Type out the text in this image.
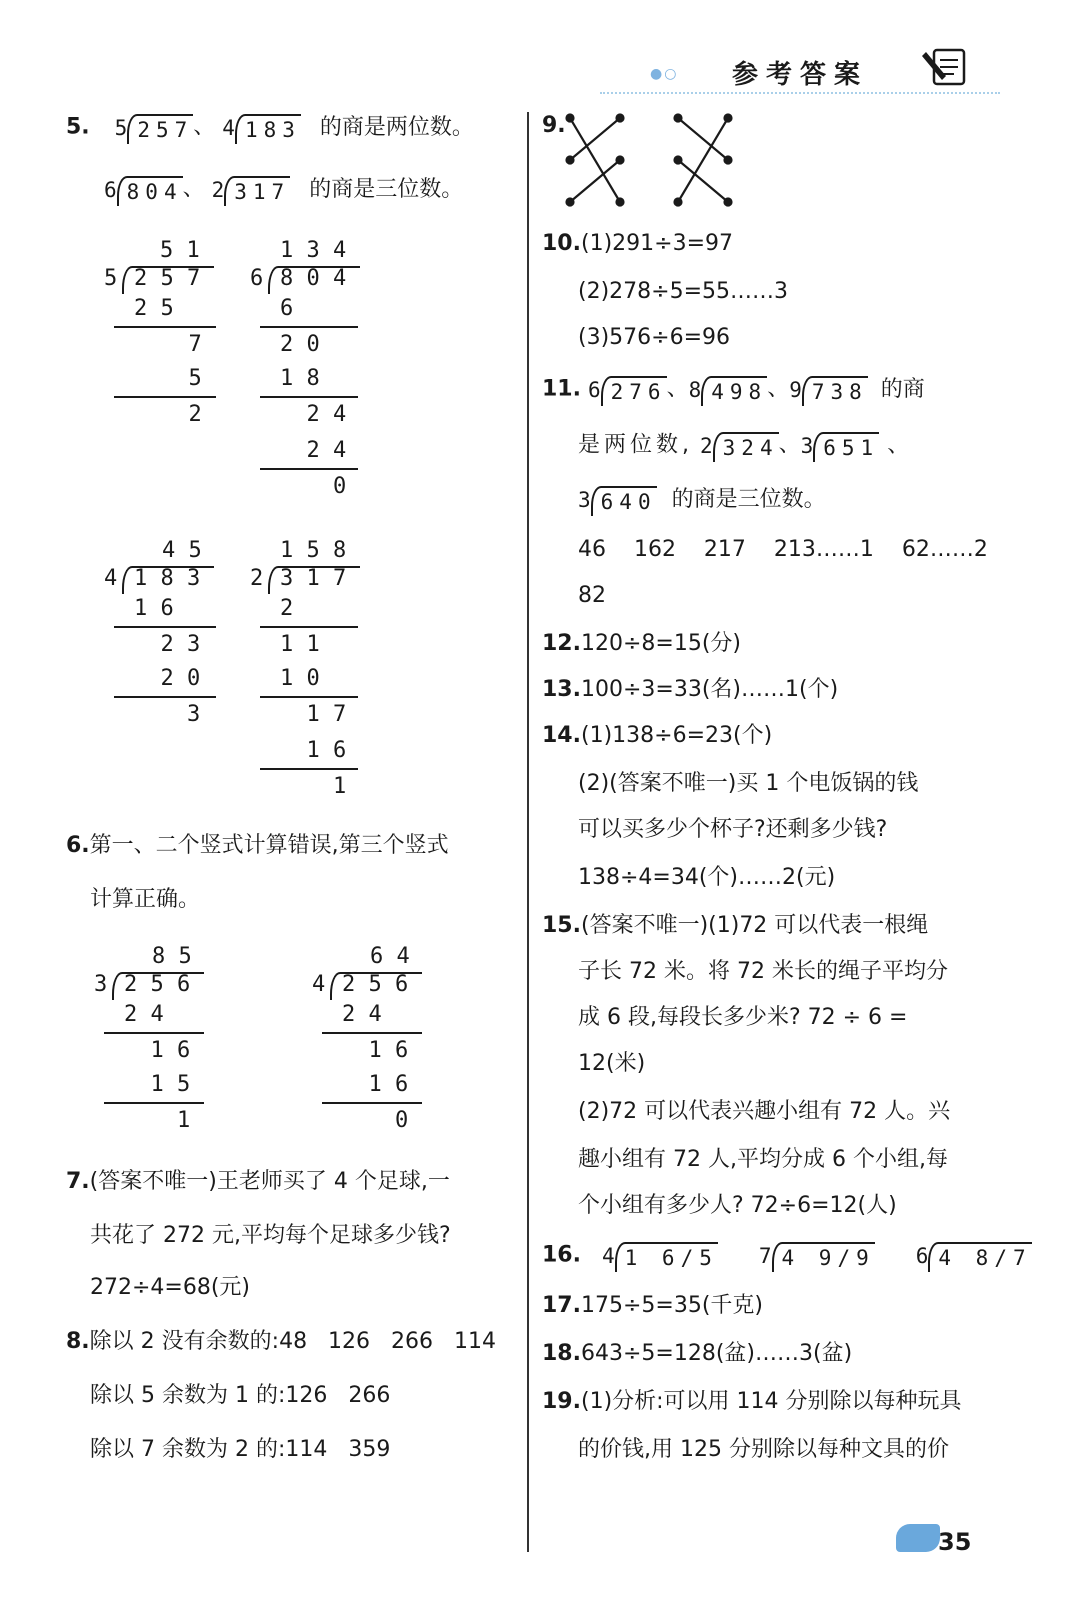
●○ 参考答案
5. 5 257、 4 183 的商是两位数。
6 804、 2 317 的商是三位数。
5 1
5 2 5 7
2 5
7
5
2
1 3 4
6 8 0 4
6
2 0
1 8
2 4
2 4
0
4 5
4 1 8 3
1 6
2 3
2 0
3
1 5 8
2 3 1 7
2
1 1
1 0
1 7
1 6
1
6.第一、二个竖式计算错误,第三个竖式
计算正确。
8 5
3 2 5 6
2 4
1 6
1 5
1
6 4
4 2 5 6
2 4
1 6
1 6
0
7.(答案不唯一)王老师买了 4 个足球,一
共花了 272 元,平均每个足球多少钱?
272÷4=68(元)
8.除以 2 没有余数的:48   126   266   114
除以 5 余数为 1 的:126   266
除以 7 余数为 2 的:114   359
9.
10.(1)291÷3=97
(2)278÷5=55……3
(3)576÷6=96
11. 6 276、8 498、9 738 的商
是两位数, 2 324、3 651 、
3 640 的商是三位数。
46    162    217    213……1    62……2
82
12.120÷8=15(分)
13.100÷3=33(名)……1(个)
14.(1)138÷6=23(个)
(2)(答案不唯一)买 1 个电饭锅的钱
可以买多少个杯子?还剩多少钱?
138÷4=34(个)……2(元)
15.(答案不唯一)(1)72 可以代表一根绳
子长 72 米。将 72 米长的绳子平均分
成 6 段,每段长多少米? 72 ÷ 6 =
12(米)
(2)72 可以代表兴趣小组有 72 人。兴
趣小组有 72 人,平均分成 6 个小组,每
个小组有多少人? 72÷6=12(人)
16. 4 1 6/5 7 4 9/9 6 4 8/7
17.175÷5=35(千克)
18.643÷5=128(盆)……3(盆)
19.(1)分析:可以用 114 分别除以每种玩具
的价钱,用 125 分别除以每种文具的价
35
